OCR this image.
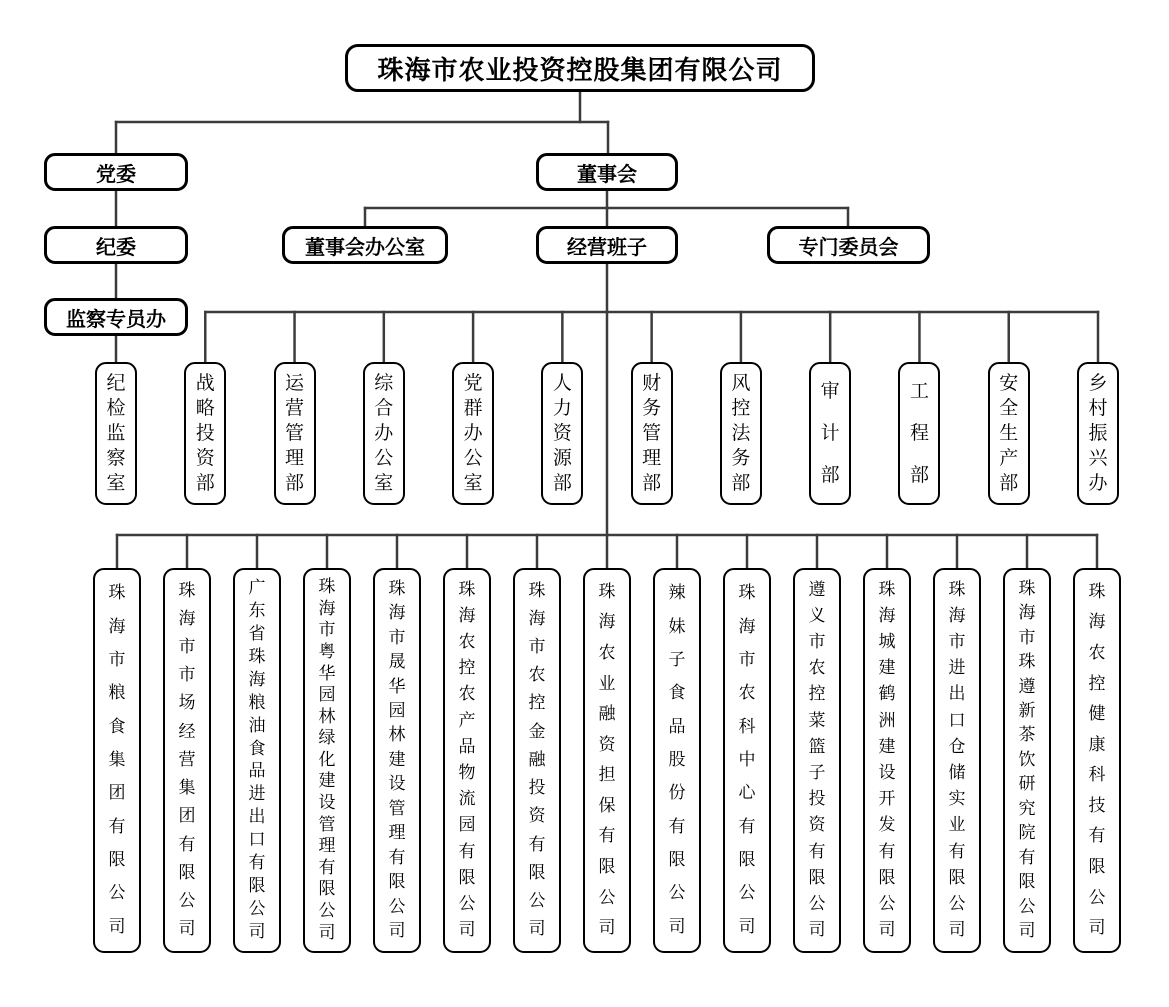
珠海市农业投资控股集团有限公司
党委	董事会
纪委	董事会办公室	经营班子	专门委员会
监察专员办
纪
检
监
察
室
战
略
投
资
部
运
营
管
理
部
综
合
办
公
室
党
群
办
公
室
人
力
资
源
部
财
务
管
理
部
风
控
法
务
部
审
计
部
工
程
部
安
全
生
产
部
乡
村
振
兴
办
珠
海
市
粮
食
集
团
有
限
公
司
珠
海
市
市
场
经
营
集
团
有
限
公
司
广
东
省
珠
海
粮
油
食
品
进
出
口
有
限
公
司
珠
海
市
粤
华
园
林
绿
化
建
设
管
理
有
限
公
司
珠
海
市
晟
华
园
林
建
设
管
理
有
限
公
司
珠
海
农
控
农
产
品
物
流
园
有
限
公
司
珠
海
市
农
控
金
融
投
资
有
限
公
司
珠
海
农
业
融
资
担
保
有
限
公
司
辣
妹
子
食
品
股
份
有
限
公
司
珠
海
市
农
科
中
心
有
限
公
司
遵
义
市
农
控
菜
篮
子
投
资
有
限
公
司
珠
海
城
建
鹤
洲
建
设
开
发
有
限
公
司
珠
海
市
进
出
口
仓
储
实
业
有
限
公
司
珠
海
市
珠
遵
新
茶
饮
研
究
院
有
限
公
司
珠
海
农
控
健
康
科
技
有
限
公
司
